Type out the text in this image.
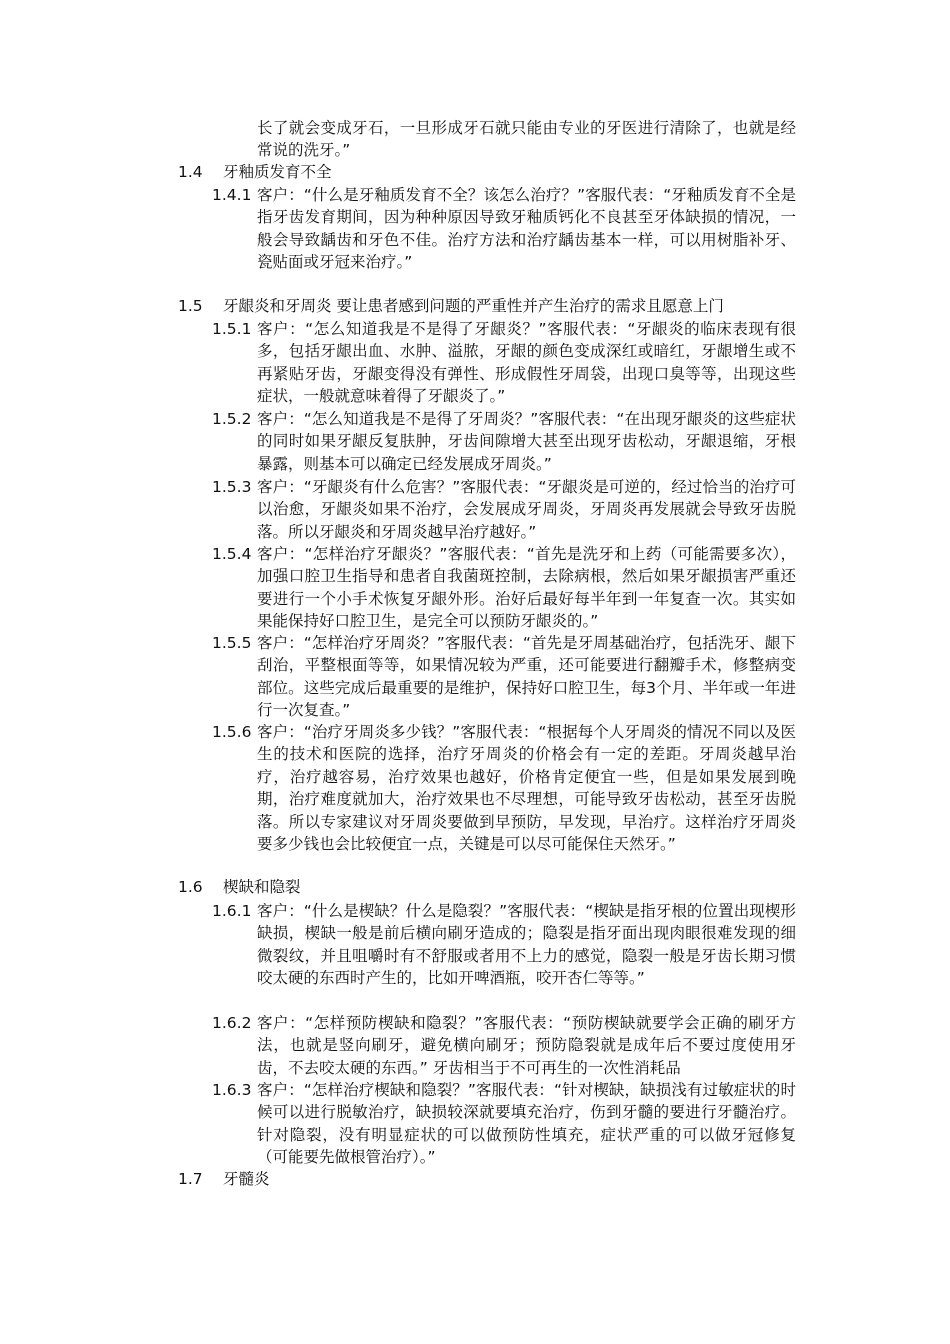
长了就会变成牙石，一旦形成牙石就只能由专业的牙医进行清除了，也就是经常说的洗牙。”
1.4 牙釉质发育不全
1.4.1 客户：“什么是牙釉质发育不全？该怎么治疗？”客服代表：“牙釉质发育不全是指牙齿发育期间，因为种种原因导致牙釉质钙化不良甚至牙体缺损的情况，一般会导致龋齿和牙色不佳。治疗方法和治疗龋齿基本一样，可以用树脂补牙、瓷贴面或牙冠来治疗。”
1.5 牙龈炎和牙周炎 要让患者感到问题的严重性并产生治疗的需求且愿意上门
1.5.1 客户：“怎么知道我是不是得了牙龈炎？”客服代表：“牙龈炎的临床表现有很多，包括牙龈出血、水肿、溢脓，牙龈的颜色变成深红或暗红，牙龈增生或不再紧贴牙齿，牙龈变得没有弹性、形成假性牙周袋，出现口臭等等，出现这些症状，一般就意味着得了牙龈炎了。”
1.5.2 客户：“怎么知道我是不是得了牙周炎？”客服代表：“在出现牙龈炎的这些症状的同时如果牙龈反复肤肿，牙齿间隙增大甚至出现牙齿松动，牙龈退缩，牙根暴露，则基本可以确定已经发展成牙周炎。”
1.5.3 客户：“牙龈炎有什么危害？”客服代表：“牙龈炎是可逆的，经过恰当的治疗可以治愈，牙龈炎如果不治疗，会发展成牙周炎，牙周炎再发展就会导致牙齿脱落。所以牙龈炎和牙周炎越早治疗越好。”
1.5.4 客户：“怎样治疗牙龈炎？”客服代表：“首先是洗牙和上药（可能需要多次），加强口腔卫生指导和患者自我菌斑控制，去除病根，然后如果牙龈损害严重还要进行一个小手术恢复牙龈外形。治好后最好每半年到一年复查一次。其实如果能保持好口腔卫生，是完全可以预防牙龈炎的。”
1.5.5 客户：“怎样治疗牙周炎？”客服代表：“首先是牙周基础治疗，包括洗牙、龈下刮治，平整根面等等，如果情况较为严重，还可能要进行翻瓣手术，修整病变部位。这些完成后最重要的是维护，保持好口腔卫生，每3个月、半年或一年进行一次复查。”
1.5.6 客户：“治疗牙周炎多少钱？”客服代表：“根据每个人牙周炎的情况不同以及医生的技术和医院的选择，治疗牙周炎的价格会有一定的差距。牙周炎越早治疗，治疗越容易，治疗效果也越好，价格肯定便宜一些，但是如果发展到晚期，治疗难度就加大，治疗效果也不尽理想，可能导致牙齿松动，甚至牙齿脱落。所以专家建议对牙周炎要做到早预防，早发现，早治疗。这样治疗牙周炎要多少钱也会比较便宜一点，关键是可以尽可能保住天然牙。”
1.6 楔缺和隐裂
1.6.1 客户：“什么是楔缺？什么是隐裂？”客服代表：“楔缺是指牙根的位置出现楔形缺损，楔缺一般是前后横向刷牙造成的；隐裂是指牙面出现肉眼很难发现的细微裂纹，并且咀嚼时有不舒服或者用不上力的感觉，隐裂一般是牙齿长期习惯咬太硬的东西时产生的，比如开啤酒瓶，咬开杏仁等等。”
1.6.2 客户：“怎样预防楔缺和隐裂？”客服代表：“预防楔缺就要学会正确的刷牙方法，也就是竖向刷牙，避免横向刷牙；预防隐裂就是成年后不要过度使用牙齿，不去咬太硬的东西。” 牙齿相当于不可再生的一次性消耗品
1.6.3 客户：“怎样治疗楔缺和隐裂？”客服代表：“针对楔缺，缺损浅有过敏症状的时候可以进行脱敏治疗，缺损较深就要填充治疗，伤到牙髓的要进行牙髓治疗。针对隐裂，没有明显症状的可以做预防性填充，症状严重的可以做牙冠修复（可能要先做根管治疗）。”
1.7 牙髓炎
